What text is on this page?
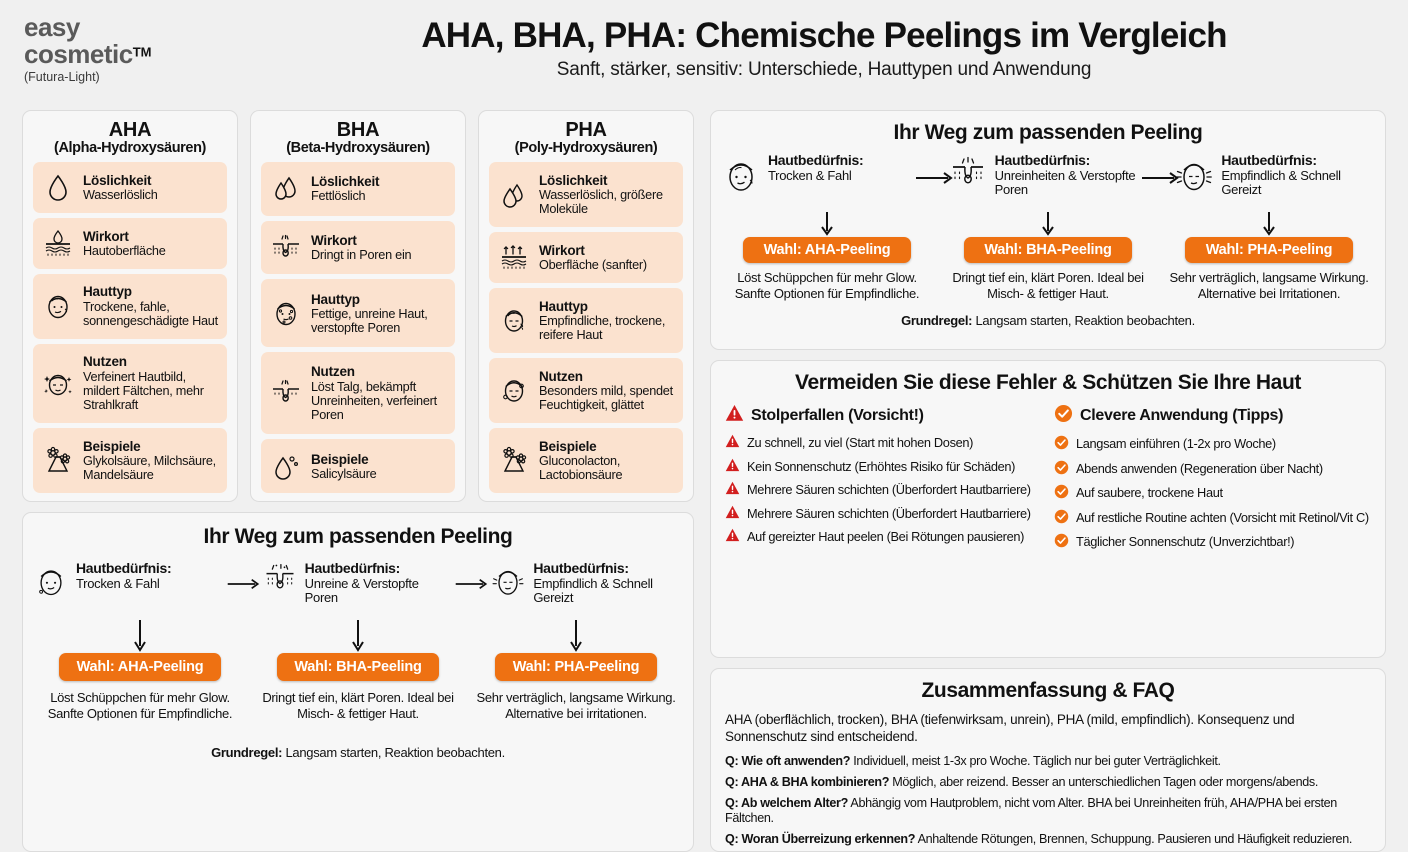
easy
cosmetic™
(Futura-Light)
AHA, BHA, PHA: Chemische Peelings im Vergleich
Sanft, stärker, sensitiv: Unterschiede, Hauttypen und Anwendung
AHA
(Alpha-Hydroxysäuren)
Löslichkeit
Wasserlöslich
Wirkort
Hautoberfläche
Hauttyp
Trockene, fahle, sonnengeschädigte Haut
Nutzen
Verfeinert Hautbild, mildert Fältchen, mehr Strahlkraft
Beispiele
Glykolsäure, Milchsäure, Mandelsäure
BHA
(Beta-Hydroxysäuren)
Löslichkeit
Fettlöslich
Wirkort
Dringt in Poren ein
Hauttyp
Fettige, unreine Haut, verstopfte Poren
Nutzen
Löst Talg, bekämpft Unreinheiten, verfeinert Poren
Beispiele
Salicylsäure
PHA
(Poly-Hydroxysäuren)
Löslichkeit
Wasserlöslich, größere Moleküle
Wirkort
Oberfläche (sanfter)
Hauttyp
Empfindliche, trockene, reifere Haut
Nutzen
Besonders mild, spendet Feuchtigkeit, glättet
Beispiele
Gluconolacton, Lactobionsäure
Ihr Weg zum passenden Peeling
Hautbedürfnis:
Trocken & Fahl
Hautbedürfnis:
Unreinheiten & Verstopfte Poren
Hautbedürfnis:
Empfindlich & Schnell Gereizt
Wahl: AHA-Peeling
Löst Schüppchen für mehr Glow. Sanfte Optionen für Empfindliche.
Wahl: BHA-Peeling
Dringt tief ein, klärt Poren. Ideal bei Misch- & fettiger Haut.
Wahl: PHA-Peeling
Sehr verträglich, langsame Wirkung. Alternative bei Irritationen.
Grundregel: Langsam starten, Reaktion beobachten.
Vermeiden Sie diese Fehler & Schützen Sie Ihre Haut
Stolperfallen (Vorsicht!)
Zu schnell, zu viel (Start mit hohen Dosen)
Kein Sonnenschutz (Erhöhtes Risiko für Schäden)
Mehrere Säuren schichten (Überfordert Hautbarriere)
Mehrere Säuren schichten (Überfordert Hautbarriere)
Auf gereizter Haut peelen (Bei Rötungen pausieren)
Clevere Anwendung (Tipps)
Langsam einführen (1-2x pro Woche)
Abends anwenden (Regeneration über Nacht)
Auf saubere, trockene Haut
Auf restliche Routine achten (Vorsicht mit Retinol/Vit C)
Täglicher Sonnenschutz (Unverzichtbar!)
Zusammenfassung & FAQ
AHA (oberflächlich, trocken), BHA (tiefenwirksam, unrein), PHA (mild, empfindlich). Konsequenz und Sonnenschutz sind entscheidend.
Q: Wie oft anwenden? Individuell, meist 1-3x pro Woche. Täglich nur bei guter Verträglichkeit.
Q: AHA & BHA kombinieren? Möglich, aber reizend. Besser an unterschiedlichen Tagen oder morgens/abends.
Q: Ab welchem Alter? Abhängig vom Hautproblem, nicht vom Alter. BHA bei Unreinheiten früh, AHA/PHA bei ersten Fältchen.
Q: Woran Überreizung erkennen? Anhaltende Rötungen, Brennen, Schuppung. Pausieren und Häufigkeit reduzieren.
Ihr Weg zum passenden Peeling
Hautbedürfnis:
Trocken & Fahl
Hautbedürfnis:
Unreine & Verstopfte Poren
Hautbedürfnis:
Empfindlich & Schnell Gereizt
Wahl: AHA-Peeling
Löst Schüppchen für mehr Glow. Sanfte Optionen für Empfindliche.
Wahl: BHA-Peeling
Dringt tief ein, klärt Poren. Ideal bei Misch- & fettiger Haut.
Wahl: PHA-Peeling
Sehr verträglich, langsame Wirkung. Alternative bei irritationen.
Grundregel: Langsam starten, Reaktion beobachten.
